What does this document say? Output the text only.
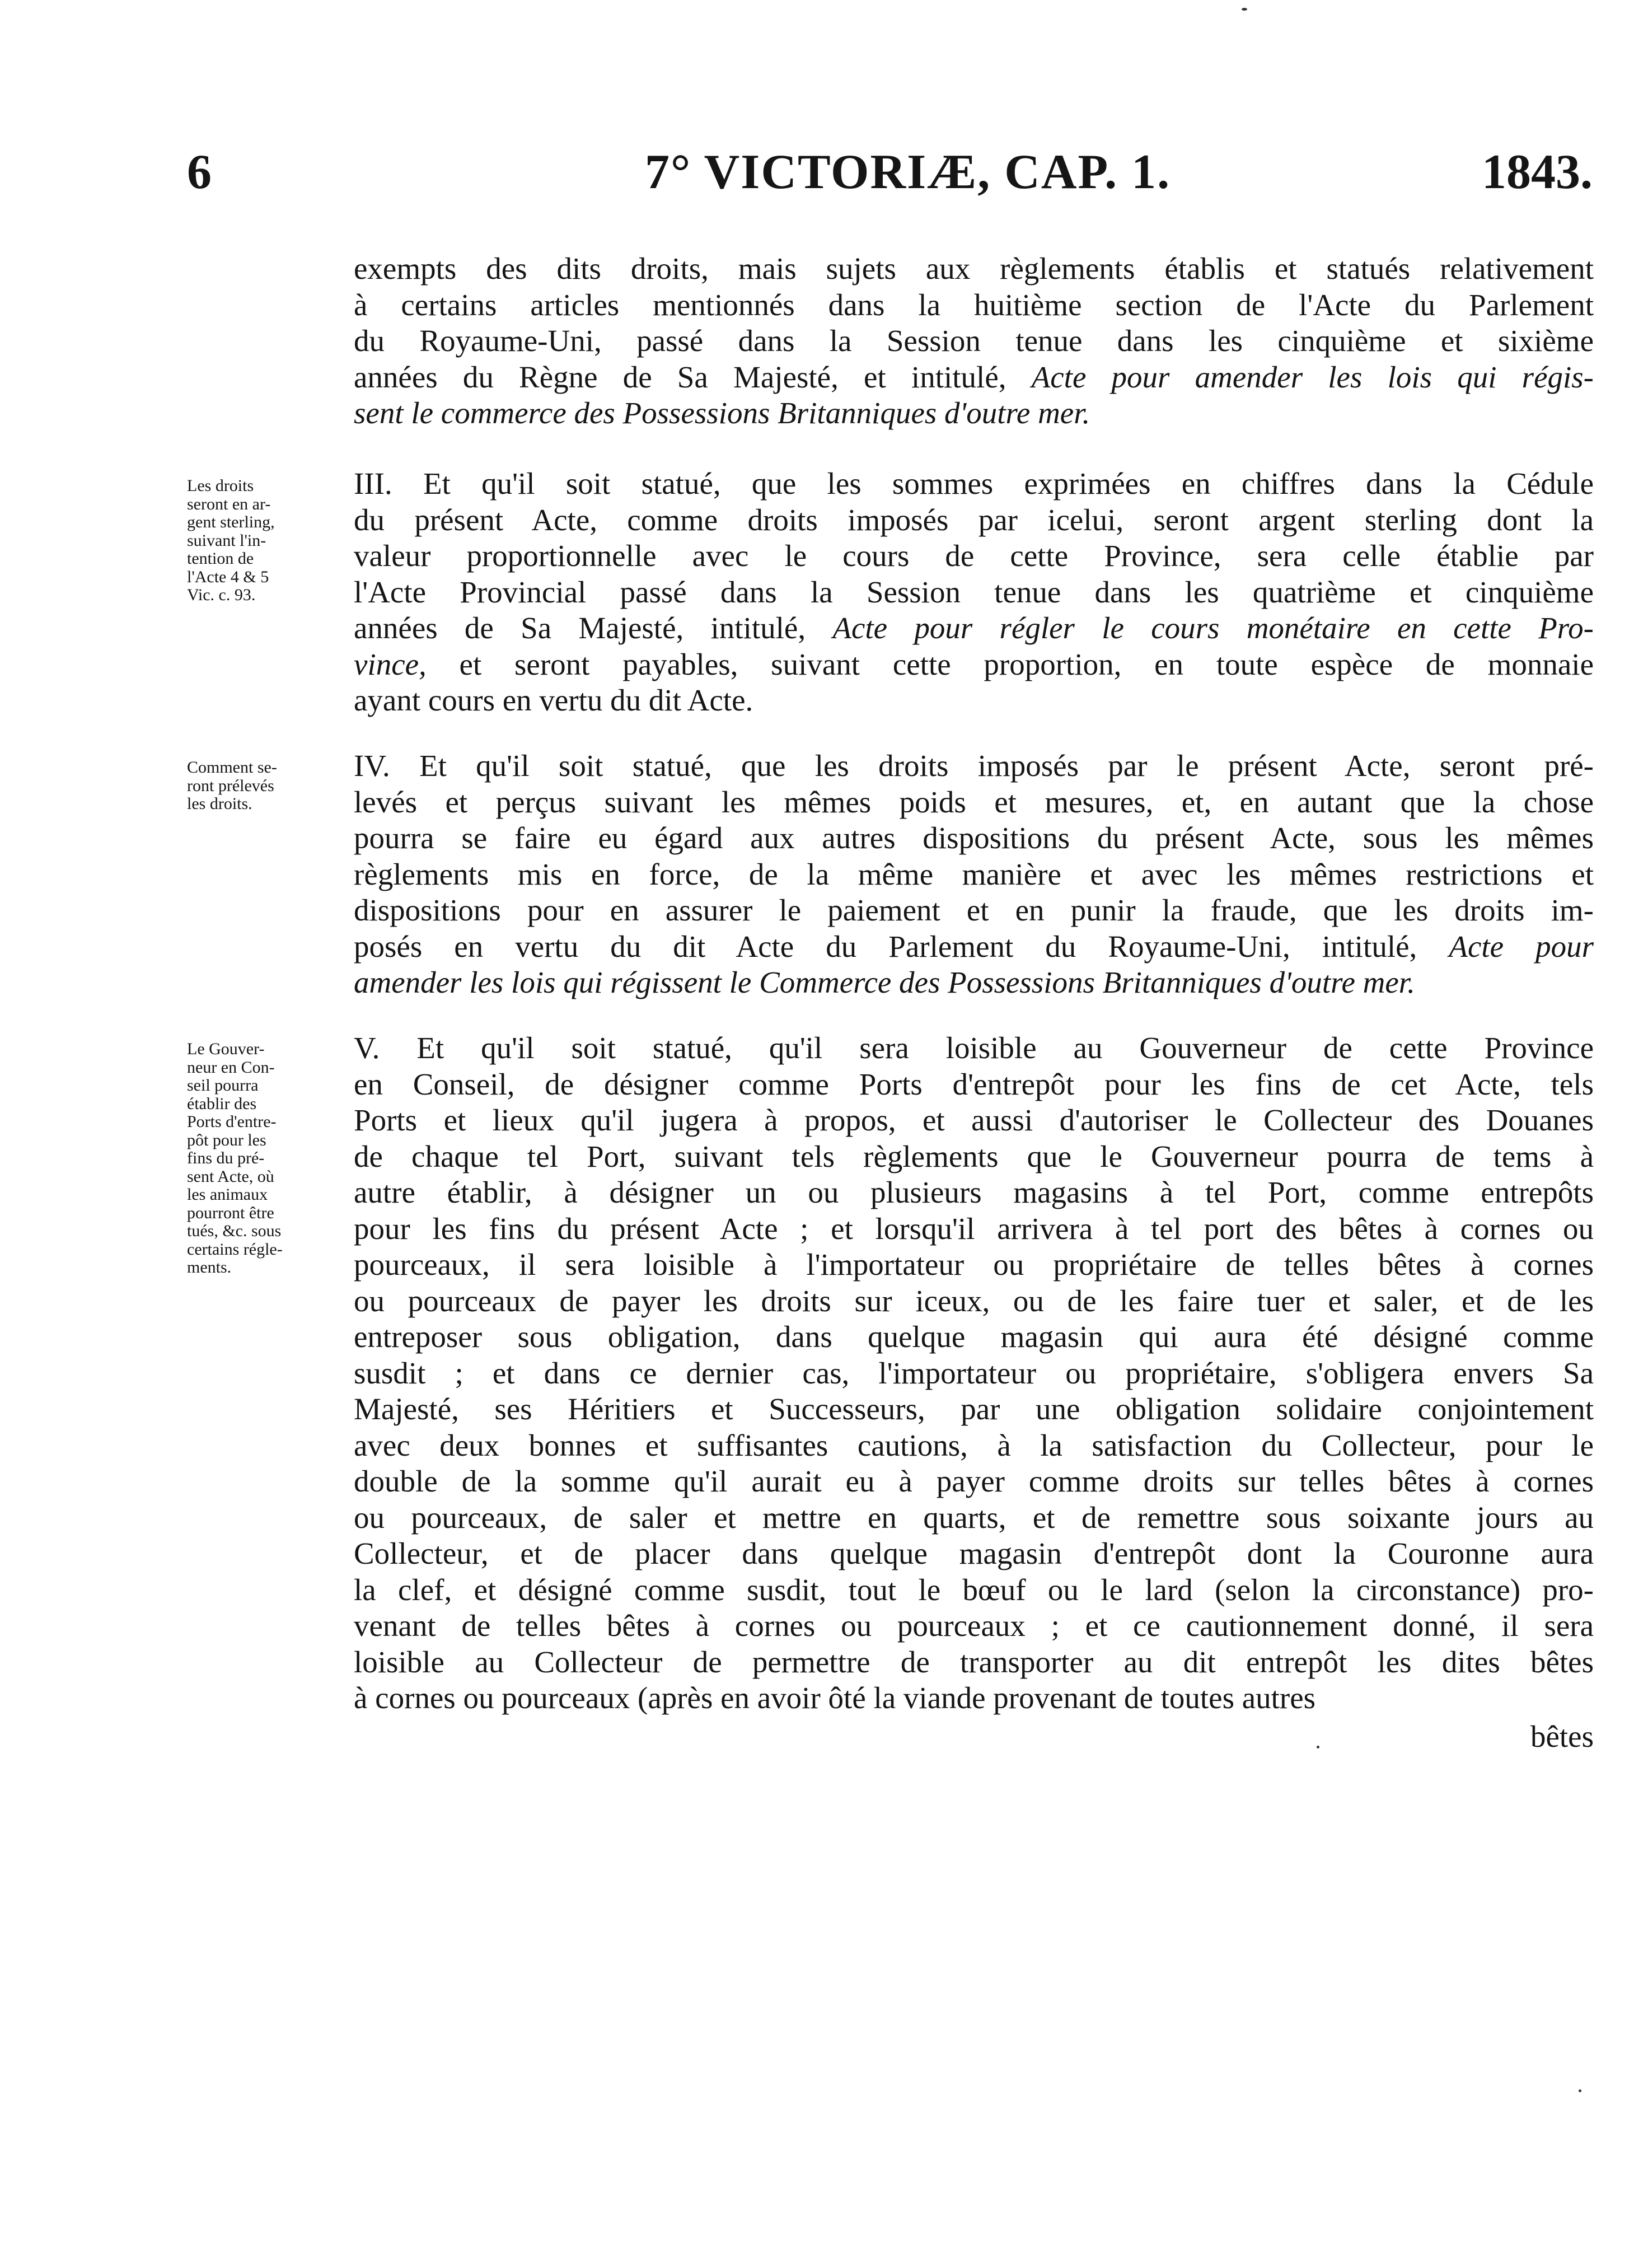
6	7° VICTORIÆ, CAP. 1.	1843.
exempts des dits droits, mais sujets aux règlements établis et statués relativement
à certains articles mentionnés dans la huitième section de l'Acte du Parlement
du Royaume-Uni, passé dans la Session tenue dans les cinquième et sixième
années du Règne de Sa Majesté, et intitulé, Acte pour amender les lois qui régis-
sent le commerce des Possessions Britanniques d'outre mer.
Les droits
seront en ar-
gent sterling,
suivant l'in-
tention de
l'Acte 4 & 5
Vic. c. 93.
III. Et qu'il soit statué, que les sommes exprimées en chiffres dans la Cédule
du présent Acte, comme droits imposés par icelui, seront argent sterling dont la
valeur proportionnelle avec le cours de cette Province, sera celle établie par
l'Acte Provincial passé dans la Session tenue dans les quatrième et cinquième
années de Sa Majesté, intitulé, Acte pour régler le cours monétaire en cette Pro-
vince, et seront payables, suivant cette proportion, en toute espèce de monnaie
ayant cours en vertu du dit Acte.
Comment se-
ront prélevés
les droits.
IV. Et qu'il soit statué, que les droits imposés par le présent Acte, seront pré-
levés et perçus suivant les mêmes poids et mesures, et, en autant que la chose
pourra se faire eu égard aux autres dispositions du présent Acte, sous les mêmes
règlements mis en force, de la même manière et avec les mêmes restrictions et
dispositions pour en assurer le paiement et en punir la fraude, que les droits im-
posés en vertu du dit Acte du Parlement du Royaume-Uni, intitulé, Acte pour
amender les lois qui régissent le Commerce des Possessions Britanniques d'outre mer.
Le Gouver-
neur en Con-
seil pourra
établir des
Ports d'entre-
pôt pour les
fins du pré-
sent Acte, où
les animaux
pourront être
tués, &c. sous
certains régle-
ments.
V. Et qu'il soit statué, qu'il sera loisible au Gouverneur de cette Province
en Conseil, de désigner comme Ports d'entrepôt pour les fins de cet Acte, tels
Ports et lieux qu'il jugera à propos, et aussi d'autoriser le Collecteur des Douanes
de chaque tel Port, suivant tels règlements que le Gouverneur pourra de tems à
autre établir, à désigner un ou plusieurs magasins à tel Port, comme entrepôts
pour les fins du présent Acte ; et lorsqu'il arrivera à tel port des bêtes à cornes ou
pourceaux, il sera loisible à l'importateur ou propriétaire de telles bêtes à cornes
ou pourceaux de payer les droits sur iceux, ou de les faire tuer et saler, et de les
entreposer sous obligation, dans quelque magasin qui aura été désigné comme
susdit ; et dans ce dernier cas, l'importateur ou propriétaire, s'obligera envers Sa
Majesté, ses Héritiers et Successeurs, par une obligation solidaire conjointement
avec deux bonnes et suffisantes cautions, à la satisfaction du Collecteur, pour le
double de la somme qu'il aurait eu à payer comme droits sur telles bêtes à cornes
ou pourceaux, de saler et mettre en quarts, et de remettre sous soixante jours au
Collecteur, et de placer dans quelque magasin d'entrepôt dont la Couronne aura
la clef, et désigné comme susdit, tout le bœuf ou le lard (selon la circonstance) pro-
venant de telles bêtes à cornes ou pourceaux ; et ce cautionnement donné, il sera
loisible au Collecteur de permettre de transporter au dit entrepôt les dites bêtes
à cornes ou pourceaux (après en avoir ôté la viande provenant de toutes autres
bêtes
